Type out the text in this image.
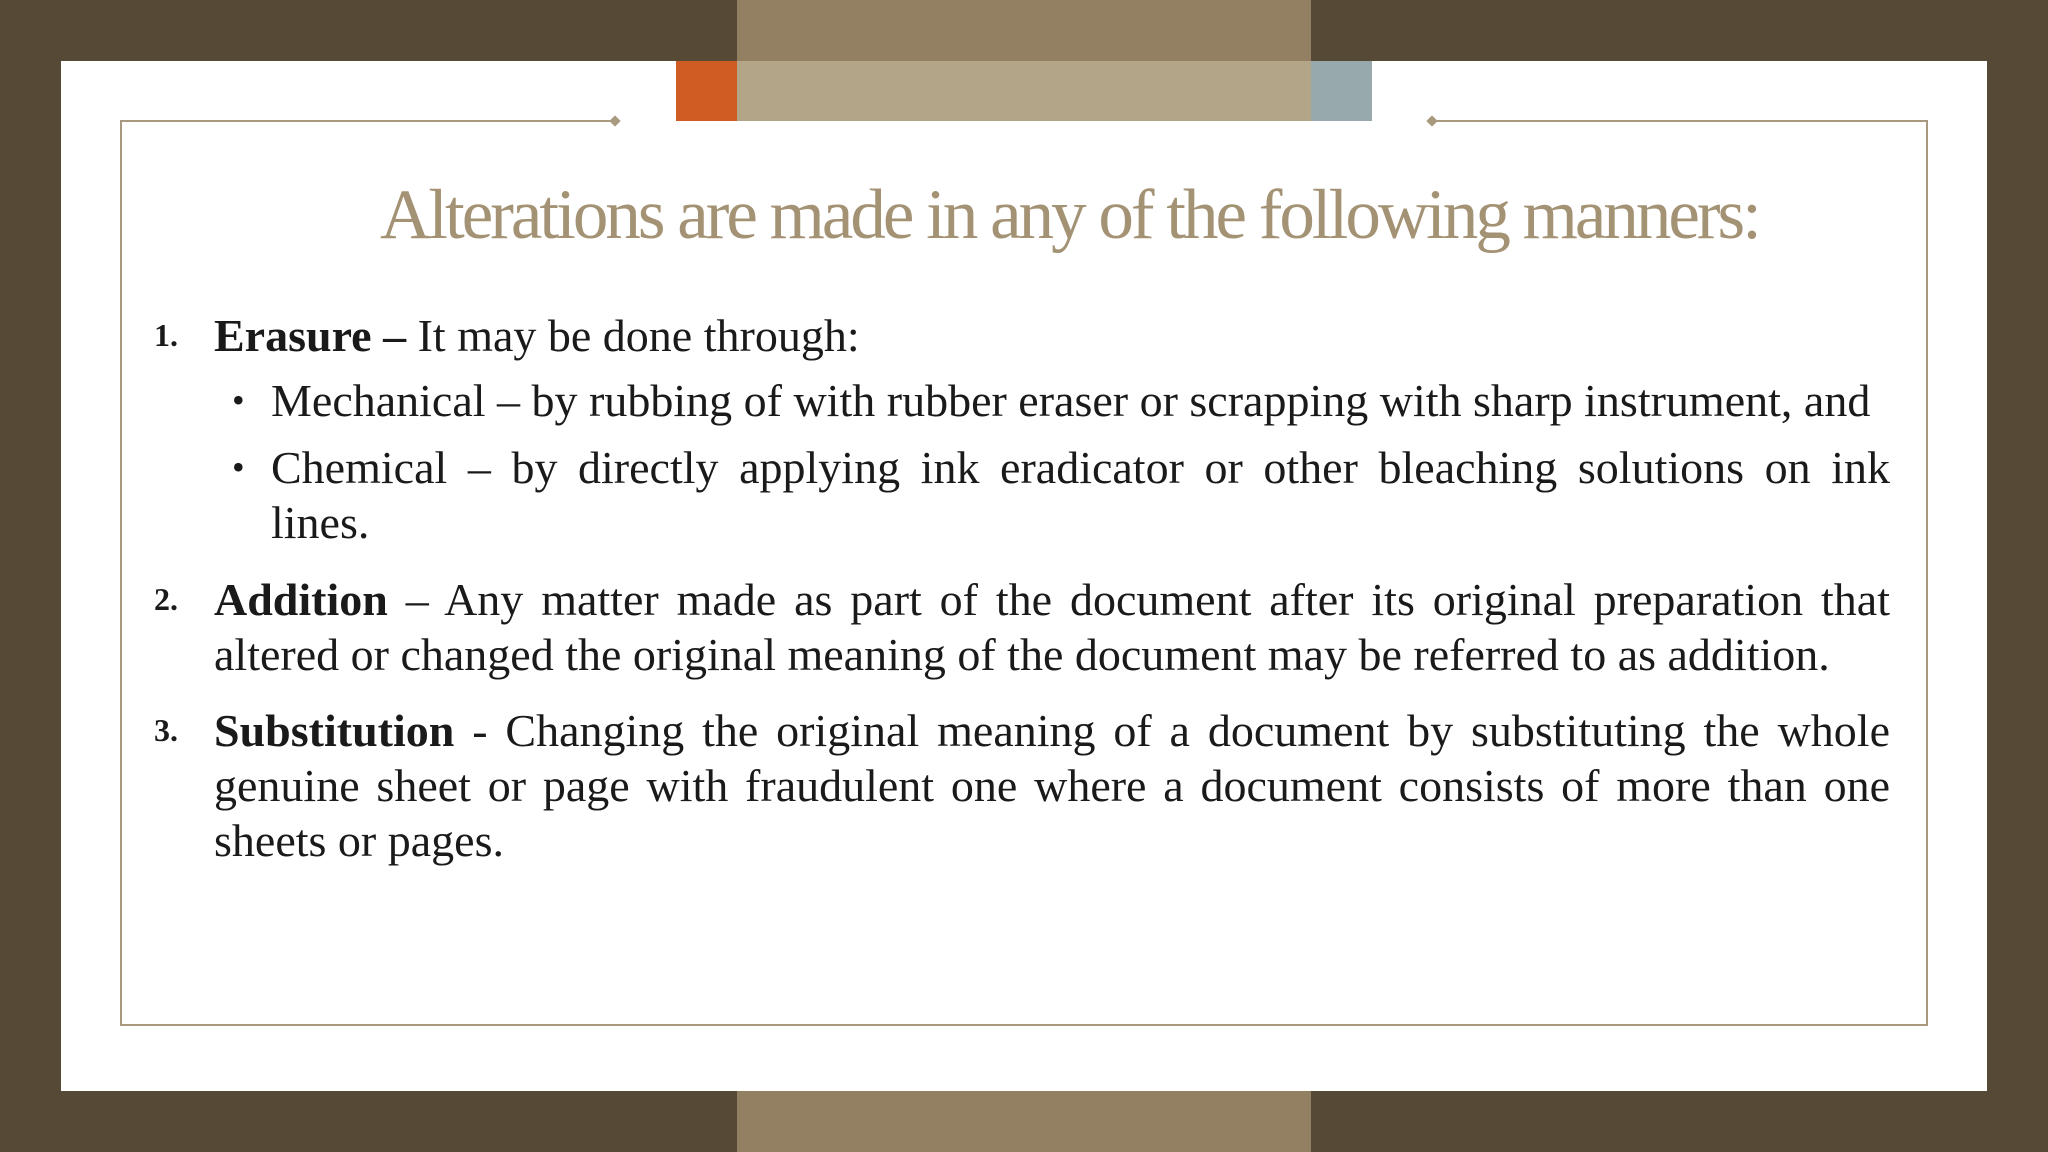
Alterations are made in any of the following manners:
1. Erasure – It may be done through:
• Mechanical – by rubbing of with rubber eraser or scrapping with sharp instrument, and
• Chemical – by directly applying ink eradicator or other bleaching solutions on ink lines.
2. Addition – Any matter made as part of the document after its original preparation that altered or changed the original meaning of the document may be referred to as addition.
3. Substitution - Changing the original meaning of a document by substituting the whole genuine sheet or page with fraudulent one where a document consists of more than one sheets or pages.
